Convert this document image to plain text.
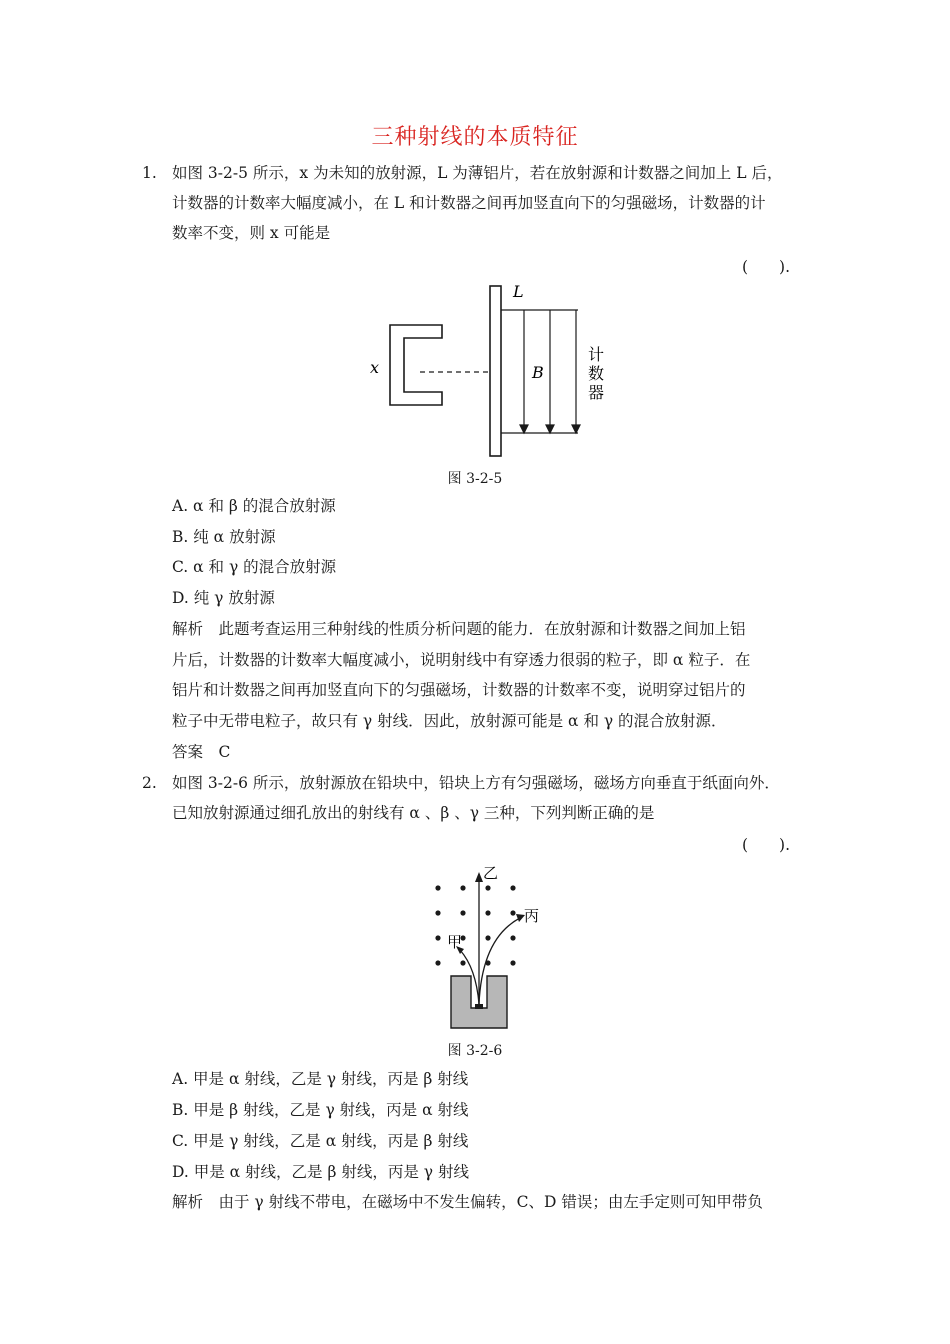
三种射线的本质特征
1. 如图 3-2-5 所示，x 为未知的放射源，L 为薄铝片，若在放射源和计数器之间加上 L 后，
计数器的计数率大幅度减小，在 L 和计数器之间再加竖直向下的匀强磁场，计数器的计
数率不变，则 x 可能是
(　　).
x
L
B
计
数
器
图 3-2-5
A. α 和 β 的混合放射源
B. 纯 α 放射源
C. α 和 γ 的混合放射源
D. 纯 γ 放射源
解析　此题考查运用三种射线的性质分析问题的能力．在放射源和计数器之间加上铝
片后，计数器的计数率大幅度减小，说明射线中有穿透力很弱的粒子，即 α 粒子．在
铝片和计数器之间再加竖直向下的匀强磁场，计数器的计数率不变，说明穿过铝片的
粒子中无带电粒子，故只有 γ 射线．因此，放射源可能是 α 和 γ 的混合放射源．
答案　C
2. 如图 3-2-6 所示，放射源放在铅块中，铅块上方有匀强磁场，磁场方向垂直于纸面向外．
已知放射源通过细孔放出的射线有 α 、β 、γ 三种，下列判断正确的是
(　　).
乙
甲
丙
图 3-2-6
A. 甲是 α 射线，乙是 γ 射线，丙是 β 射线
B. 甲是 β 射线，乙是 γ 射线，丙是 α 射线
C. 甲是 γ 射线，乙是 α 射线，丙是 β 射线
D. 甲是 α 射线，乙是 β 射线，丙是 γ 射线
解析　由于 γ 射线不带电，在磁场中不发生偏转，C、D 错误；由左手定则可知甲带负
